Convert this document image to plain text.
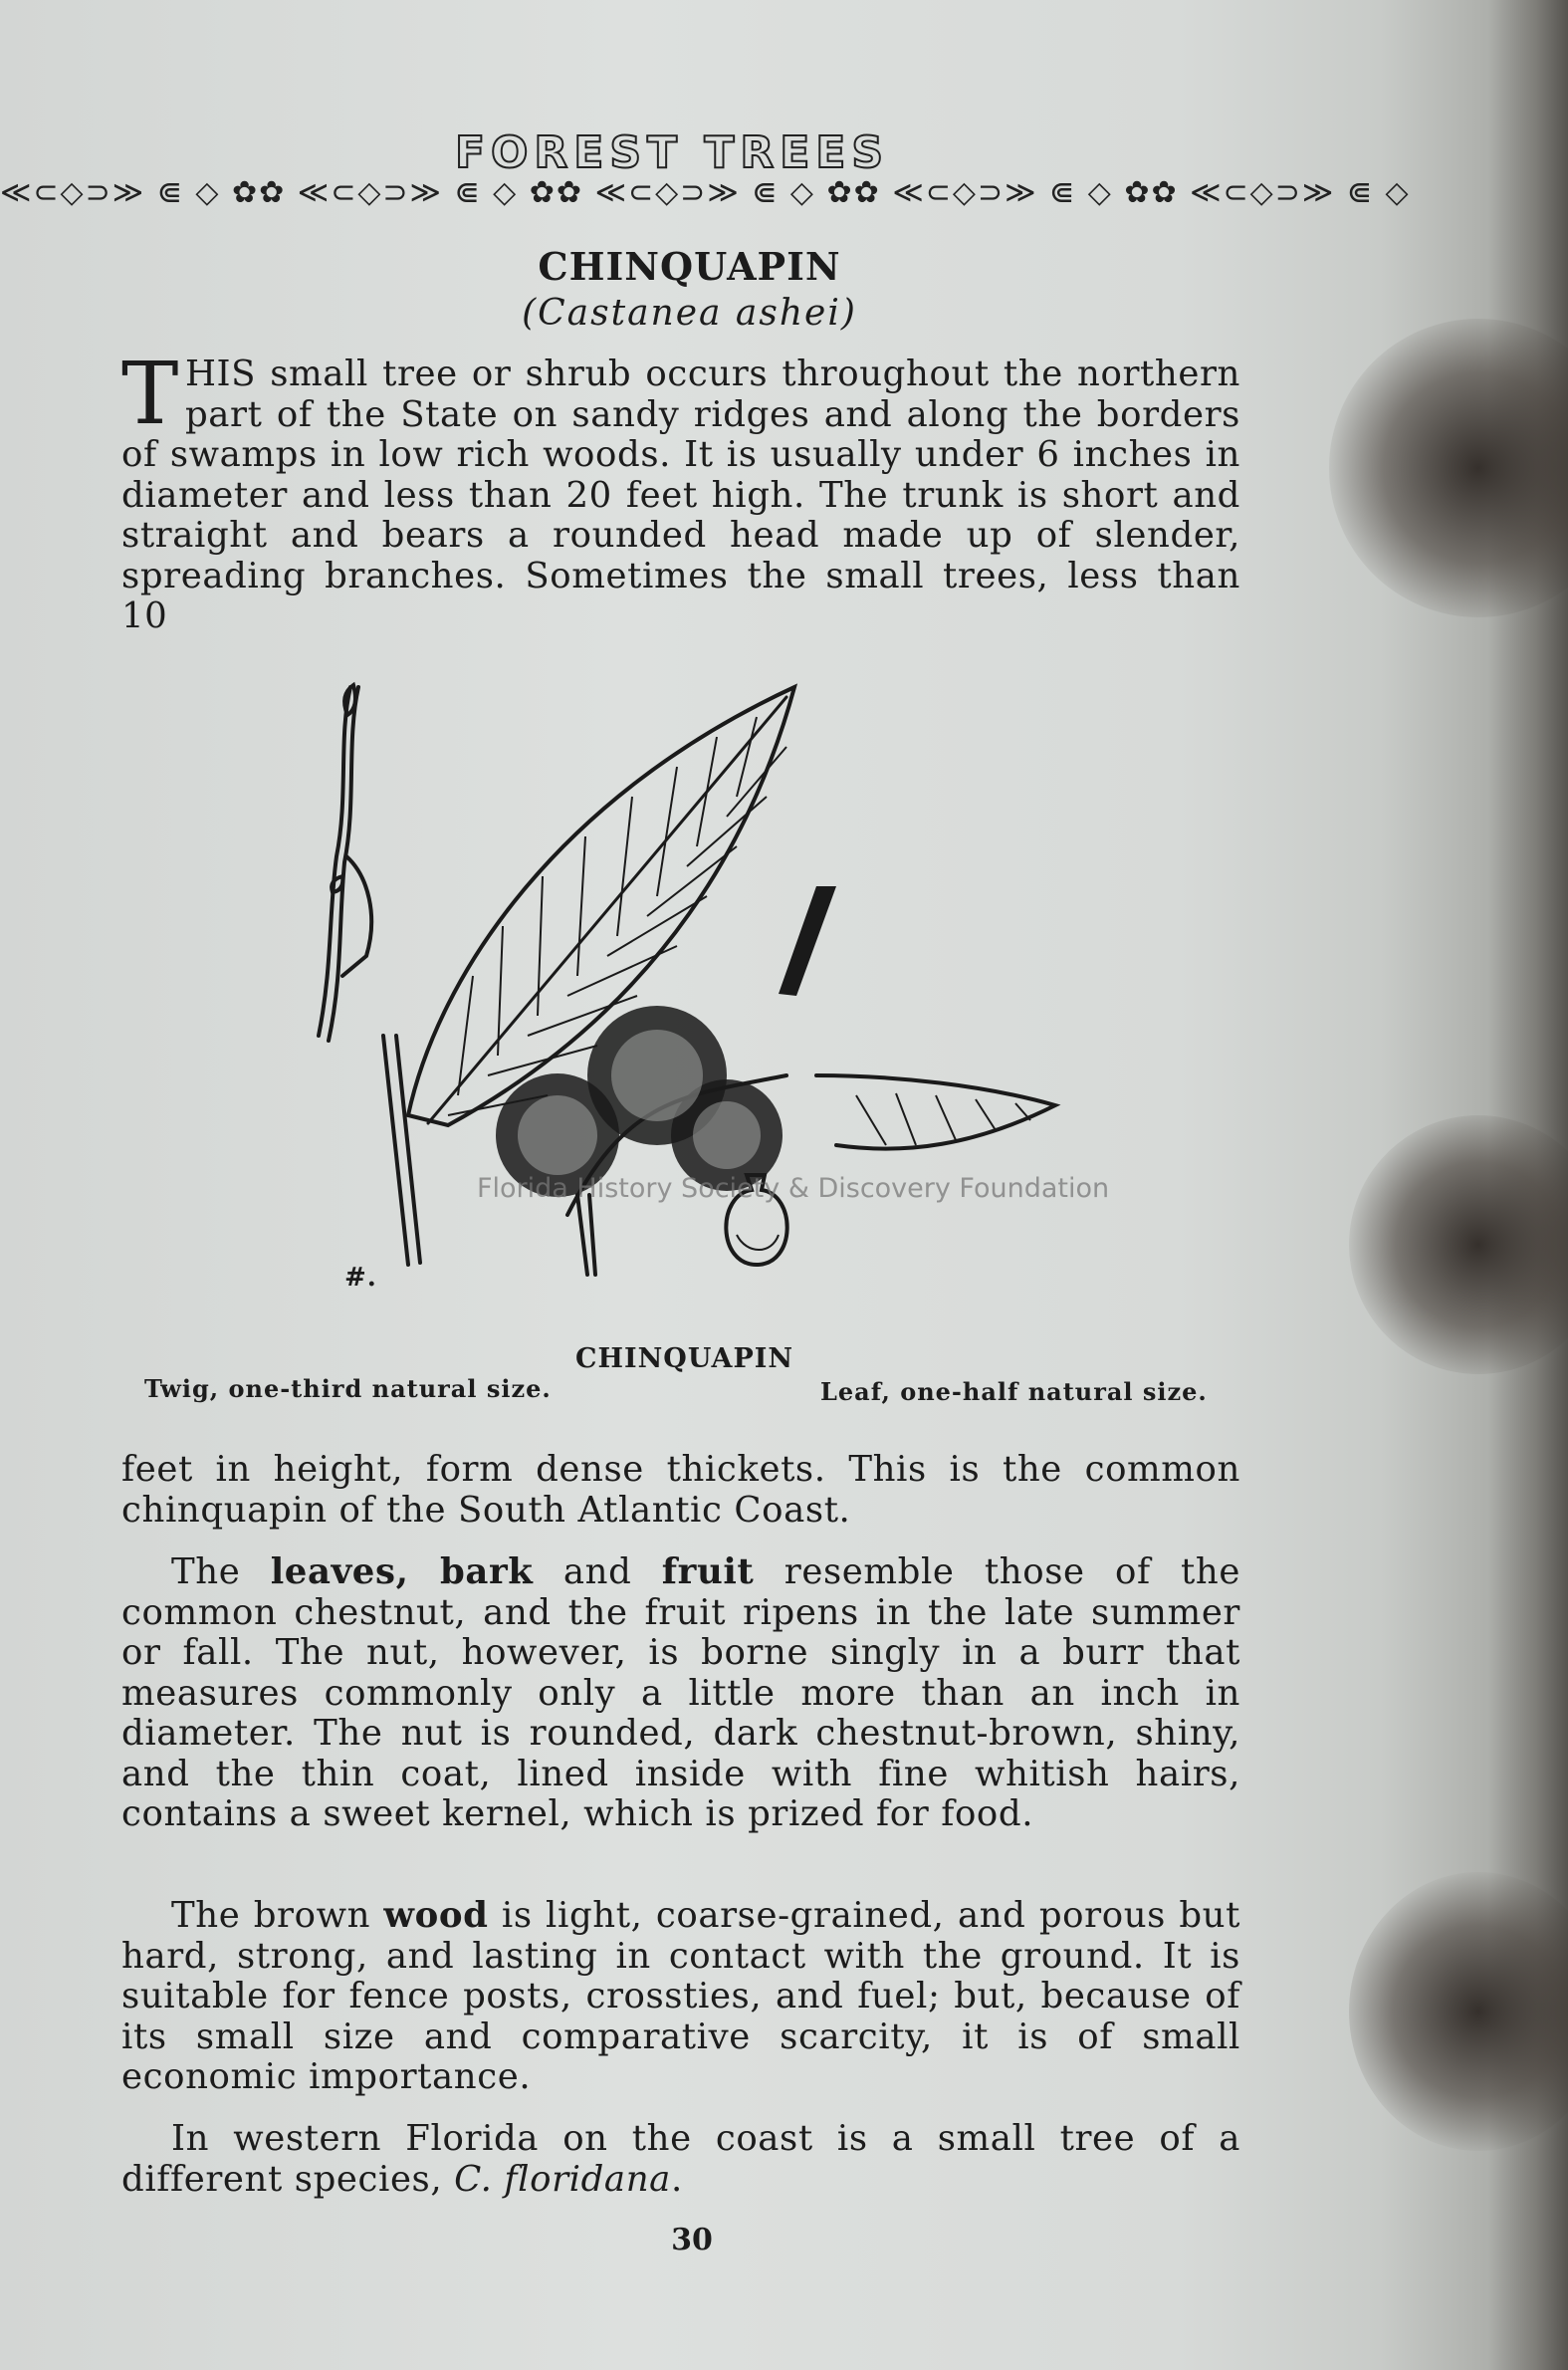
FOREST TREES
≪⊂◇⊃≫ ⋐ ◇ ✿✿ ≪⊂◇⊃≫ ⋐ ◇ ✿✿ ≪⊂◇⊃≫ ⋐ ◇ ✿✿ ≪⊂◇⊃≫ ⋐ ◇ ✿✿ ≪⊂◇⊃≫ ⋐ ◇
CHINQUAPIN
(Castanea ashei)

THIS small tree or shrub occurs throughout the northern part of the State on sandy ridges and along the borders of swamps in low rich woods. It is usually under 6 inches in diameter and less than 20 feet high. The trunk is short and straight and bears a rounded head made up of slender, spreading branches. Sometimes the small trees, less than 10

#.
CHINQUAPIN
Twig, one-third natural size.	Leaf, one-half natural size.
Florida History Society & Discovery Foundation

feet in height, form dense thickets. This is the common chinquapin of the South Atlantic Coast.

The leaves, bark and fruit resemble those of the common chestnut, and the fruit ripens in the late summer or fall. The nut, however, is borne singly in a burr that measures commonly only a little more than an inch in diameter. The nut is rounded, dark chestnut-brown, shiny, and the thin coat, lined inside with fine whitish hairs, contains a sweet kernel, which is prized for food.

The brown wood is light, coarse-grained, and porous but hard, strong, and lasting in contact with the ground. It is suitable for fence posts, crossties, and fuel; but, because of its small size and comparative scarcity, it is of small economic importance.

In western Florida on the coast is a small tree of a different species, C. floridana.

30
